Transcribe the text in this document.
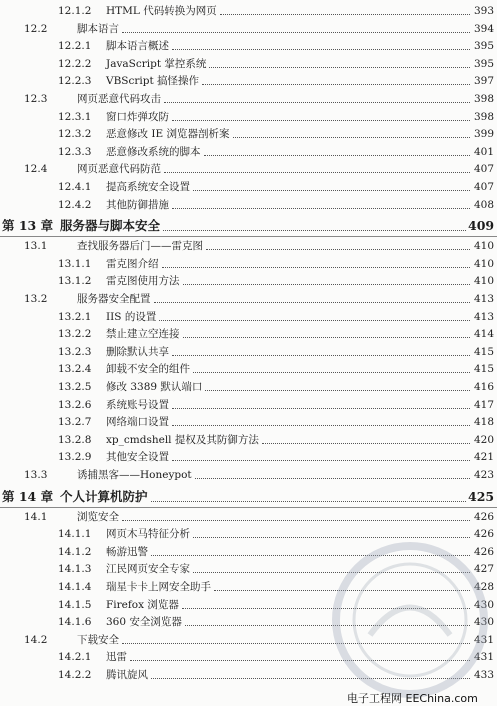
12.1.2	HTML 代码转换为网页	393
12.2	脚本语言	394
12.2.1	脚本语言概述	395
12.2.2	JavaScript 掌控系统	395
12.2.3	VBScript 搞怪操作	397
12.3	网页恶意代码攻击	398
12.3.1	窗口炸弹攻防	398
12.3.2	恶意修改 IE 浏览器剖析案	399
12.3.3	恶意修改系统的脚本	401
12.4	网页恶意代码防范	407
12.4.1	提高系统安全设置	407
12.4.2	其他防御措施	408
第 13 章 服务器与脚本安全	409
13.1	查找服务器后门——雷克图	410
13.1.1	雷克图介绍	410
13.1.2	雷克图使用方法	410
13.2	服务器安全配置	413
13.2.1	IIS 的设置	413
13.2.2	禁止建立空连接	414
13.2.3	删除默认共享	415
13.2.4	卸载不安全的组件	415
13.2.5	修改 3389 默认端口	416
13.2.6	系统账号设置	417
13.2.7	网络端口设置	418
13.2.8	xp_cmdshell 提权及其防御方法	420
13.2.9	其他安全设置	421
13.3	诱捕黑客——Honeypot	423
第 14 章 个人计算机防护	425
14.1	浏览安全	426
14.1.1	网页木马特征分析	426
14.1.2	畅游迅警	426
14.1.3	江民网页安全专家	427
14.1.4	瑞星卡卡上网安全助手	428
14.1.5	Firefox 浏览器	430
14.1.6	360 安全浏览器	430
14.2	下载安全	431
14.2.1	迅雷	431
14.2.2	腾讯旋风	433
电子工程网 EEChina.com
